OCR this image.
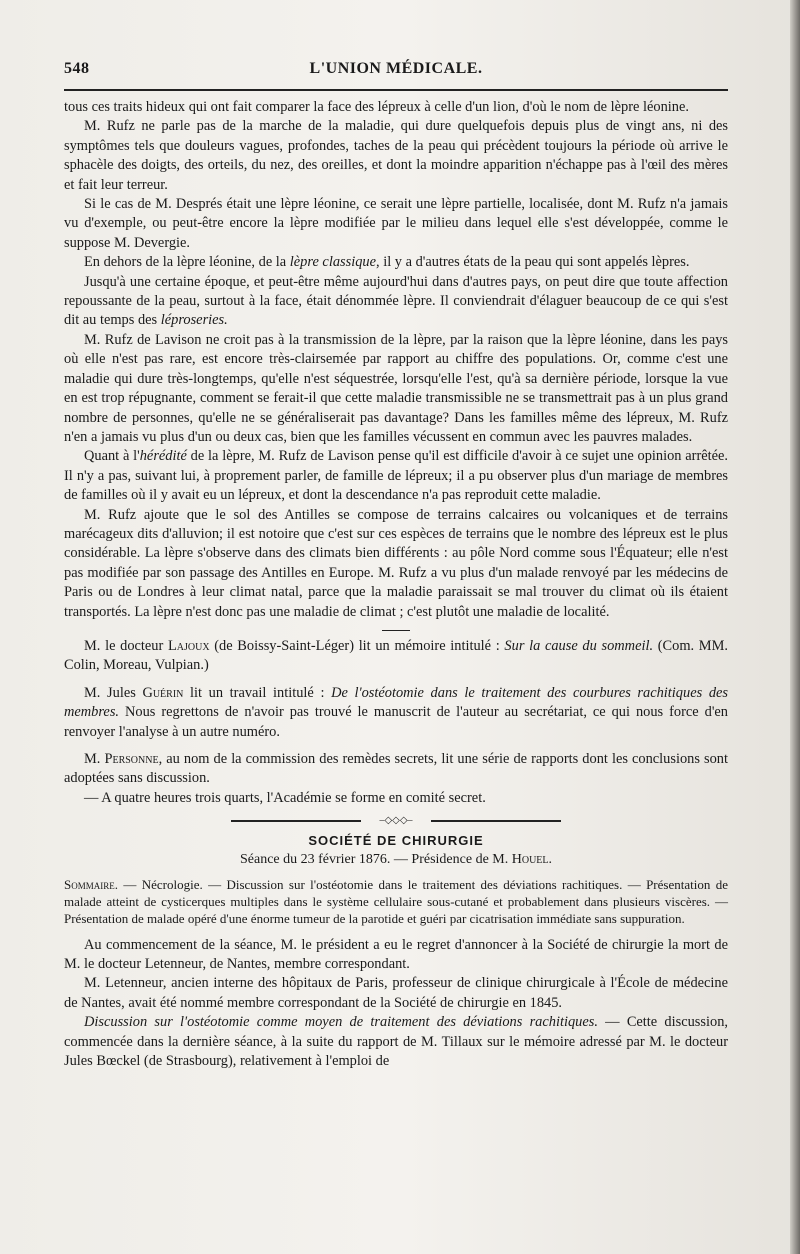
548	L'UNION MÉDICALE.

tous ces traits hideux qui ont fait comparer la face des lépreux à celle d'un lion, d'où le nom de lèpre léonine.

M. Rufz ne parle pas de la marche de la maladie, qui dure quelquefois depuis plus de vingt ans, ni des symptômes tels que douleurs vagues, profondes, taches de la peau qui précèdent toujours la période où arrive le sphacèle des doigts, des orteils, du nez, des oreilles, et dont la moindre apparition n'échappe pas à l'œil des mères et fait leur terreur.

Si le cas de M. Després était une lèpre léonine, ce serait une lèpre partielle, localisée, dont M. Rufz n'a jamais vu d'exemple, ou peut-être encore la lèpre modifiée par le milieu dans lequel elle s'est développée, comme le suppose M. Devergie.

En dehors de la lèpre léonine, de la lèpre classique, il y a d'autres états de la peau qui sont appelés lèpres.

Jusqu'à une certaine époque, et peut-être même aujourd'hui dans d'autres pays, on peut dire que toute affection repoussante de la peau, surtout à la face, était dénommée lèpre. Il conviendrait d'élaguer beaucoup de ce qui s'est dit au temps des léproseries.

M. Rufz de Lavison ne croit pas à la transmission de la lèpre, par la raison que la lèpre léonine, dans les pays où elle n'est pas rare, est encore très-clairsemée par rapport au chiffre des populations. Or, comme c'est une maladie qui dure très-longtemps, qu'elle n'est séquestrée, lorsqu'elle l'est, qu'à sa dernière période, lorsque la vue en est trop répugnante, comment se ferait-il que cette maladie transmissible ne se transmettrait pas à un plus grand nombre de personnes, qu'elle ne se généraliserait pas davantage? Dans les familles même des lépreux, M. Rufz n'en a jamais vu plus d'un ou deux cas, bien que les familles vécussent en commun avec les pauvres malades.

Quant à l'hérédité de la lèpre, M. Rufz de Lavison pense qu'il est difficile d'avoir à ce sujet une opinion arrêtée. Il n'y a pas, suivant lui, à proprement parler, de famille de lépreux; il a pu observer plus d'un mariage de membres de familles où il y avait eu un lépreux, et dont la descendance n'a pas reproduit cette maladie.

M. Rufz ajoute que le sol des Antilles se compose de terrains calcaires ou volcaniques et de terrains marécageux dits d'alluvion; il est notoire que c'est sur ces espèces de terrains que le nombre des lépreux est le plus considérable. La lèpre s'observe dans des climats bien différents : au pôle Nord comme sous l'Équateur; elle n'est pas modifiée par son passage des Antilles en Europe. M. Rufz a vu plus d'un malade renvoyé par les médecins de Paris ou de Londres à leur climat natal, parce que la maladie paraissait se mal trouver du climat où ils étaient transportés. La lèpre n'est donc pas une maladie de climat ; c'est plutôt une maladie de localité.

M. le docteur Lajoux (de Boissy-Saint-Léger) lit un mémoire intitulé : Sur la cause du sommeil. (Com. MM. Colin, Moreau, Vulpian.)

M. Jules Guérin lit un travail intitulé : De l'ostéotomie dans le traitement des courbures rachitiques des membres. Nous regrettons de n'avoir pas trouvé le manuscrit de l'auteur au secrétariat, ce qui nous force d'en renvoyer l'analyse à un autre numéro.

M. Personne, au nom de la commission des remèdes secrets, lit une série de rapports dont les conclusions sont adoptées sans discussion.

— A quatre heures trois quarts, l'Académie se forme en comité secret.

–◇◇◇–
SOCIÉTÉ DE CHIRURGIE
Séance du 23 février 1876. — Présidence de M. Houel.

Sommaire. — Nécrologie. — Discussion sur l'ostéotomie dans le traitement des déviations rachitiques. — Présentation de malade atteint de cysticerques multiples dans le système cellulaire sous-cutané et probablement dans plusieurs viscères. — Présentation de malade opéré d'une énorme tumeur de la parotide et guéri par cicatrisation immédiate sans suppuration.

Au commencement de la séance, M. le président a eu le regret d'annoncer à la Société de chirurgie la mort de M. le docteur Letenneur, de Nantes, membre correspondant.

M. Letenneur, ancien interne des hôpitaux de Paris, professeur de clinique chirurgicale à l'École de médecine de Nantes, avait été nommé membre correspondant de la Société de chirurgie en 1845.

Discussion sur l'ostéotomie comme moyen de traitement des déviations rachitiques. — Cette discussion, commencée dans la dernière séance, à la suite du rapport de M. Tillaux sur le mémoire adressé par M. le docteur Jules Bœckel (de Strasbourg), relativement à l'emploi de
